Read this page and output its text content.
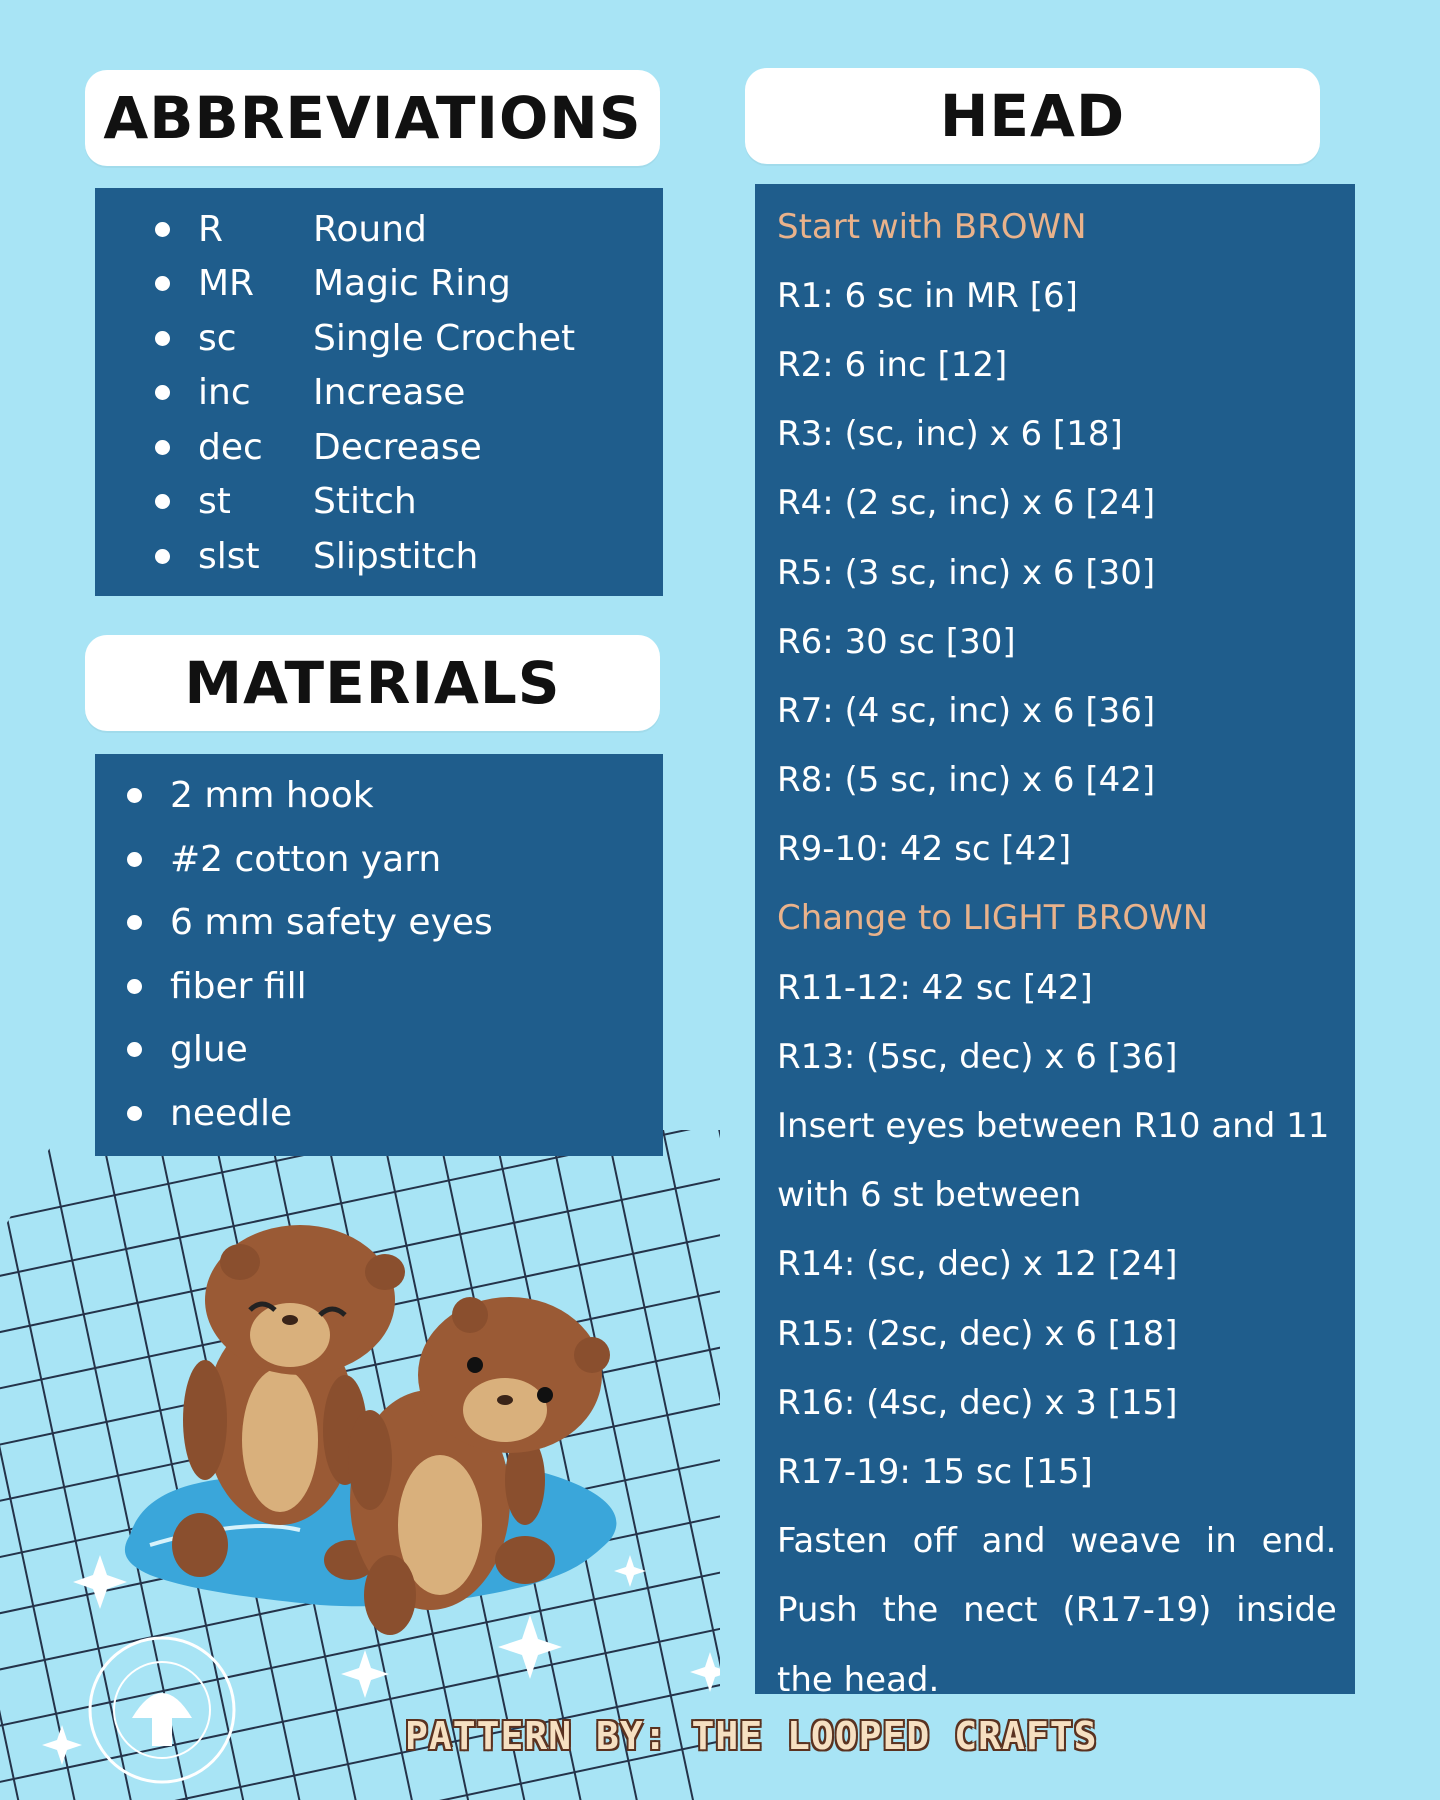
ABBREVIATIONS
R	Round
MR	Magic Ring
sc	Single Crochet
inc	Increase
dec	Decrease
st	Stitch
slst	Slipstitch
MATERIALS
2 mm hook
#2 cotton yarn
6 mm safety eyes
fiber fill
glue
needle
HEAD
Start with BROWN
R1: 6 sc in MR [6]
R2: 6 inc [12]
R3: (sc, inc) x 6 [18]
R4: (2 sc, inc) x 6 [24]
R5: (3 sc, inc) x 6 [30]
R6: 30 sc [30]
R7: (4 sc, inc) x 6 [36]
R8: (5 sc, inc) x 6 [42]
R9-10: 42 sc [42]
Change to LIGHT BROWN
R11-12: 42 sc [42]
R13: (5sc, dec) x 6 [36]
Insert eyes between R10 and 11
with 6 st between
R14: (sc, dec) x 12 [24]
R15: (2sc, dec) x 6 [18]
R16: (4sc, dec) x 3 [15]
R17-19: 15 sc [15]
Fasten off and weave in end.
Push the nect (R17-19) inside
the head.
PATTERN BY: THE LOOPED CRAFTS
